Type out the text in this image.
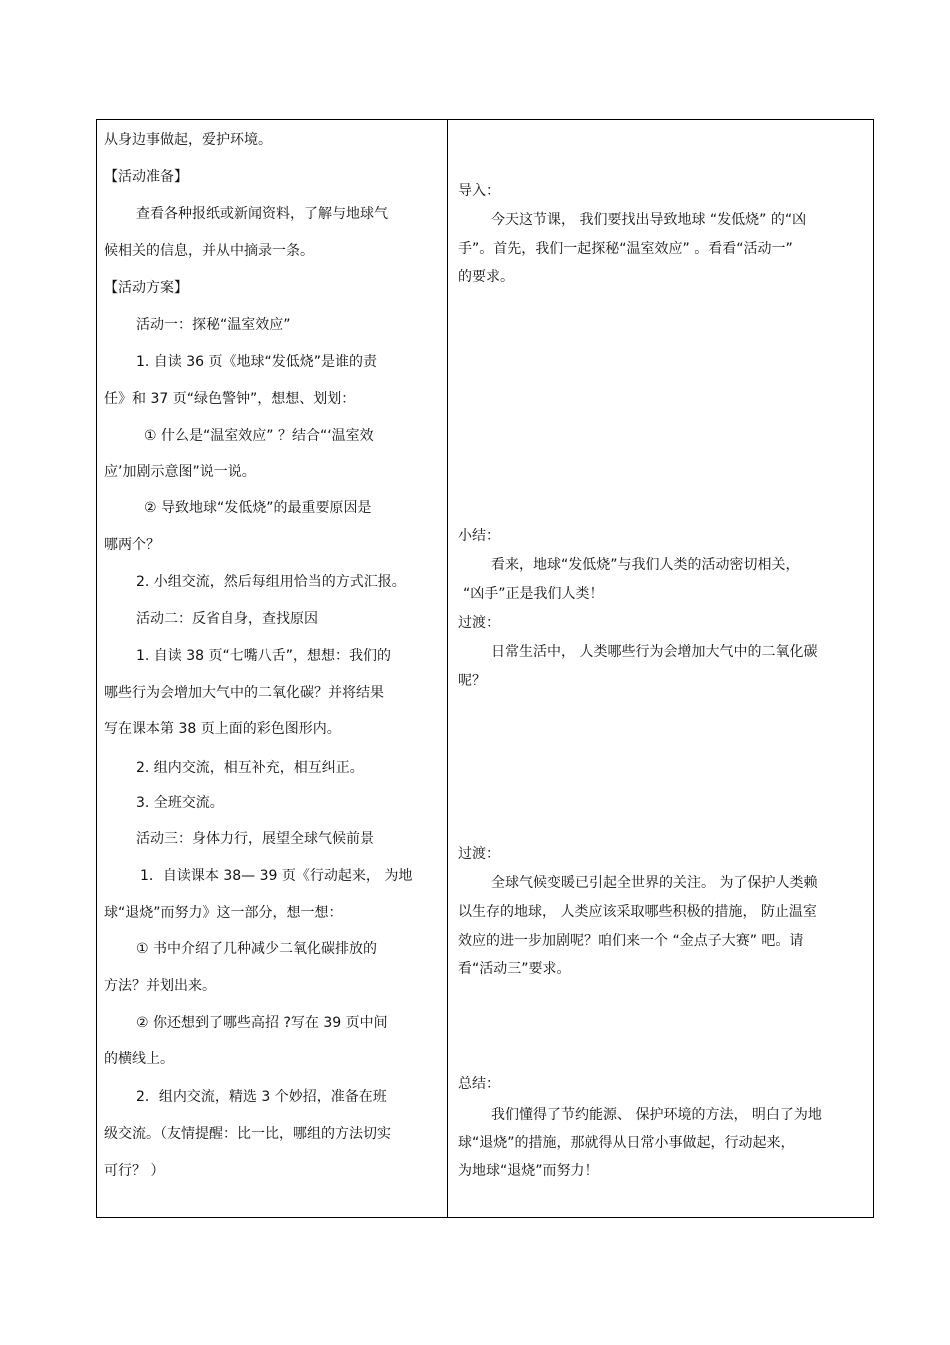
从身边事做起，爱护环境。
【活动准备】
查看各种报纸或新闻资料，了解与地球气
候相关的信息，并从中摘录一条。
【活动方案】
活动一：探秘“温室效应”
1. 自读 36 页《地球“发低烧”是谁的责
任》和 37 页“绿色警钟”，想想、划划：
① 什么是“温室效应” ？结合“‘温室效
应’加剧示意图”说一说。
② 导致地球“发低烧”的最重要原因是
哪两个？
2. 小组交流，然后每组用恰当的方式汇报。
活动二：反省自身，查找原因
1. 自读 38 页“七嘴八舌”，想想：我们的
哪些行为会增加大气中的二氧化碳？并将结果
写在课本第 38 页上面的彩色图形内。
2. 组内交流，相互补充，相互纠正。
3. 全班交流。
活动三：身体力行，展望全球气候前景
1．自读课本 38— 39 页《行动起来， 为地
球“退烧”而努力》这一部分，想一想：
① 书中介绍了几种减少二氧化碳排放的
方法？并划出来。
② 你还想到了哪些高招 ?写在 39 页中间
的横线上。
2．组内交流，精选 3 个妙招，准备在班
级交流。（友情提醒：比一比，哪组的方法切实
可行？ ）
导入：
今天这节课， 我们要找出导致地球 “发低烧” 的“凶
手”。首先，我们一起探秘“温室效应” 。看看“活动一”
的要求。
小结：
看来，地球“发低烧”与我们人类的活动密切相关，
“凶手”正是我们人类！
过渡：
日常生活中， 人类哪些行为会增加大气中的二氧化碳
呢？
过渡：
全球气候变暖已引起全世界的关注。 为了保护人类赖
以生存的地球， 人类应该采取哪些积极的措施， 防止温室
效应的进一步加剧呢？咱们来一个 “金点子大赛” 吧。请
看“活动三”要求。
总结：
我们懂得了节约能源、 保护环境的方法， 明白了为地
球“退烧”的措施，那就得从日常小事做起，行动起来，
为地球“退烧”而努力！
